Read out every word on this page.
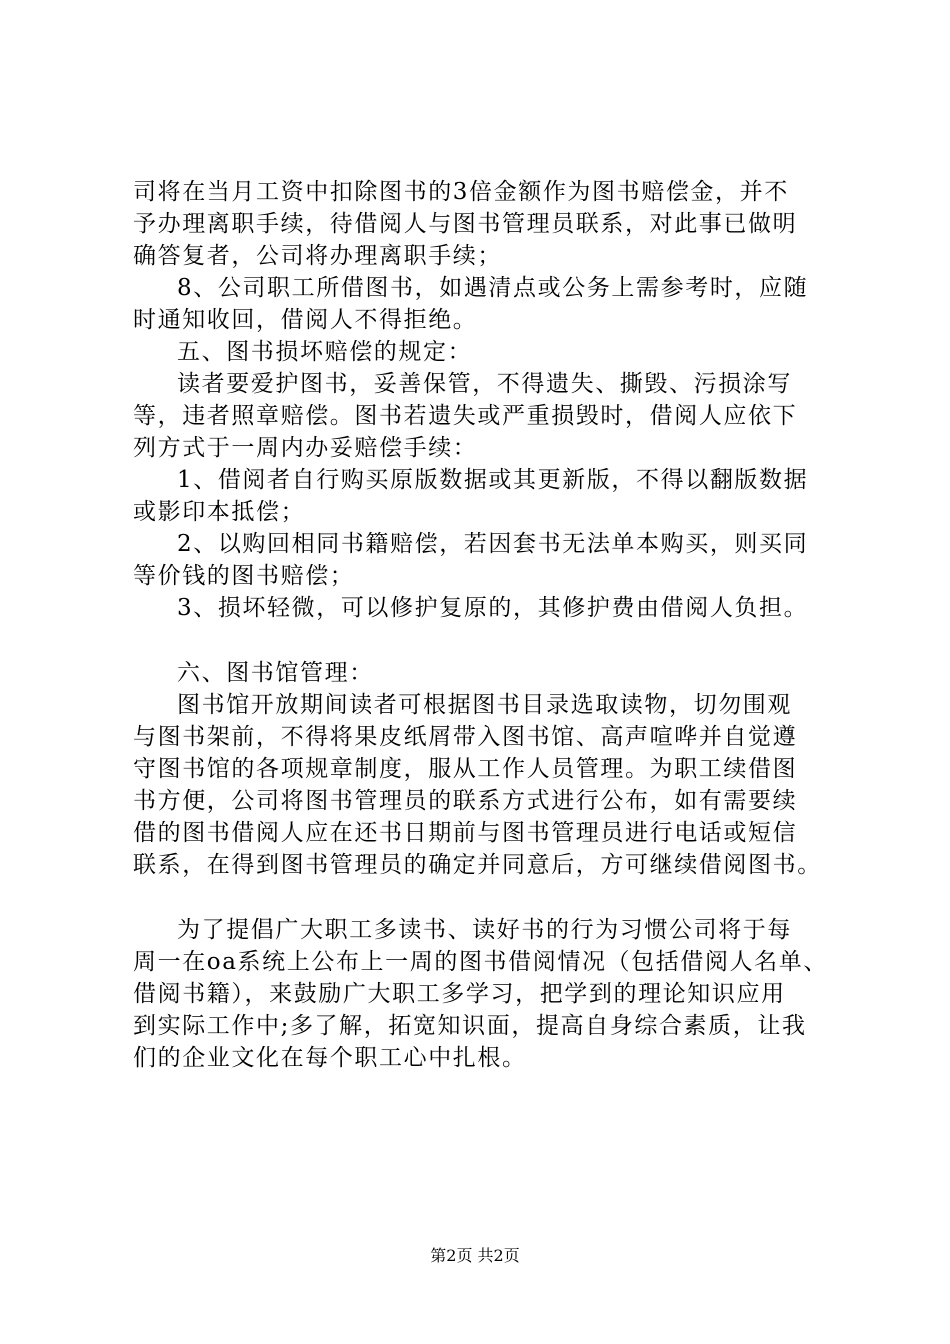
司将在当月工资中扣除图书的3倍金额作为图书赔偿金，并不
予办理离职手续，待借阅人与图书管理员联系，对此事已做明
确答复者，公司将办理离职手续；
8、公司职工所借图书，如遇清点或公务上需参考时，应随
时通知收回，借阅人不得拒绝。
五、图书损坏赔偿的规定：
读者要爱护图书，妥善保管，不得遗失、撕毁、污损涂写
等，违者照章赔偿。图书若遗失或严重损毁时，借阅人应依下
列方式于一周内办妥赔偿手续：
1、借阅者自行购买原版数据或其更新版，不得以翻版数据
或影印本抵偿；
2、以购回相同书籍赔偿，若因套书无法单本购买，则买同
等价钱的图书赔偿；
3、损坏轻微，可以修护复原的，其修护费由借阅人负担。
六、图书馆管理：
图书馆开放期间读者可根据图书目录选取读物，切勿围观
与图书架前，不得将果皮纸屑带入图书馆、高声喧哗并自觉遵
守图书馆的各项规章制度，服从工作人员管理。为职工续借图
书方便，公司将图书管理员的联系方式进行公布，如有需要续
借的图书借阅人应在还书日期前与图书管理员进行电话或短信
联系，在得到图书管理员的确定并同意后，方可继续借阅图书。
为了提倡广大职工多读书、读好书的行为习惯公司将于每
周一在oa系统上公布上一周的图书借阅情况（包括借阅人名单、
借阅书籍），来鼓励广大职工多学习，把学到的理论知识应用
到实际工作中;多了解，拓宽知识面，提高自身综合素质，让我
们的企业文化在每个职工心中扎根。
第2页 共2页
